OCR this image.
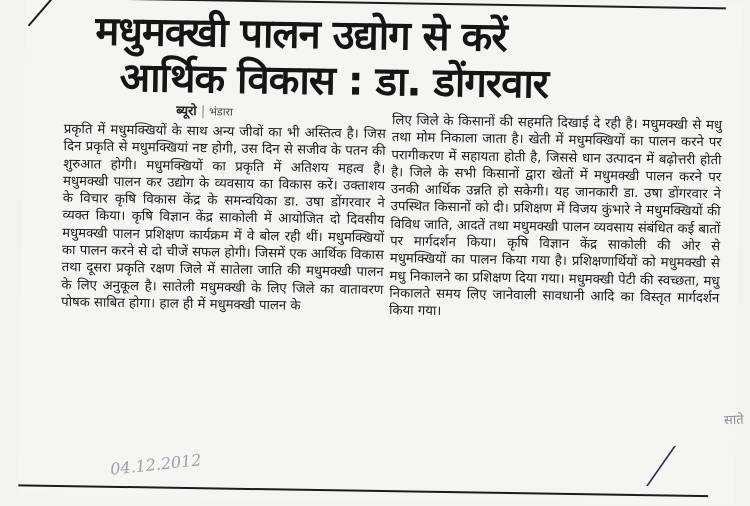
मधुमक्खी पालन उद्योग से करें
आर्थिक विकास : डा. डोंगरवार
ब्यूरो | भंडारा

प्रकृति में मधुमक्खियों के साथ अन्य जीवों का भी अस्तित्व है। जिस दिन प्रकृति से मधुमक्खियां नष्ट होगी, उस दिन से सजीव के पतन की शुरुआत होगी। मधुमक्खियों का प्रकृति में अतिशय महत्व है। मधुमक्खी पालन कर उद्योग के व्यवसाय का विकास करें। उक्ताशय के विचार कृषि विकास केंद्र के समन्वयिका डा. उषा डोंगरवार ने व्यक्त किया। कृषि विज्ञान केंद्र साकोली में आयोजित दो दिवसीय मधुमक्खी पालन प्रशिक्षण कार्यक्रम में वे बोल रही थीं। मधुमक्खियों का पालन करने से दो चीजें सफल होगी। जिसमें एक आर्थिक विकास तथा दूसरा प्रकृति रक्षण जिले में सातेला जाति की मधुमक्खी पालन के लिए अनुकूल है। सातेली मधुमक्खी के लिए जिले का वातावरण पोषक साबित होगा। हाल ही में मधुमक्खी पालन के

लिए जिले के किसानों की सहमति दिखाई दे रही है। मधुमक्खी से मधु तथा मोम निकाला जाता है। खेती में मधुमक्खियों का पालन करने पर परागीकरण में सहायता होती है, जिससे धान उत्पादन में बढ़ोत्तरी होती है। जिले के सभी किसानों द्वारा खेतों में मधुमक्खी पालन करने पर उनकी आर्थिक उन्नति हो सकेगी। यह जानकारी डा. उषा डोंगरवार ने उपस्थित किसानों को दी। प्रशिक्षण में विजय कुंभारे ने मधुमक्खियों की विविध जाति, आदतें तथा मधुमक्खी पालन व्यवसाय संबंधित कई बातों पर मार्गदर्शन किया। कृषि विज्ञान केंद्र साकोली की ओर से मधुमक्खियों का पालन किया गया है। प्रशिक्षणार्थियों को मधुमक्खी से मधु निकालने का प्रशिक्षण दिया गया। मधुमक्खी पेटी की स्वच्छता, मधु निकालते समय लिए जानेवाली सावधानी आदि का विस्तृत मार्गदर्शन किया गया।

साते
04.12.2012
